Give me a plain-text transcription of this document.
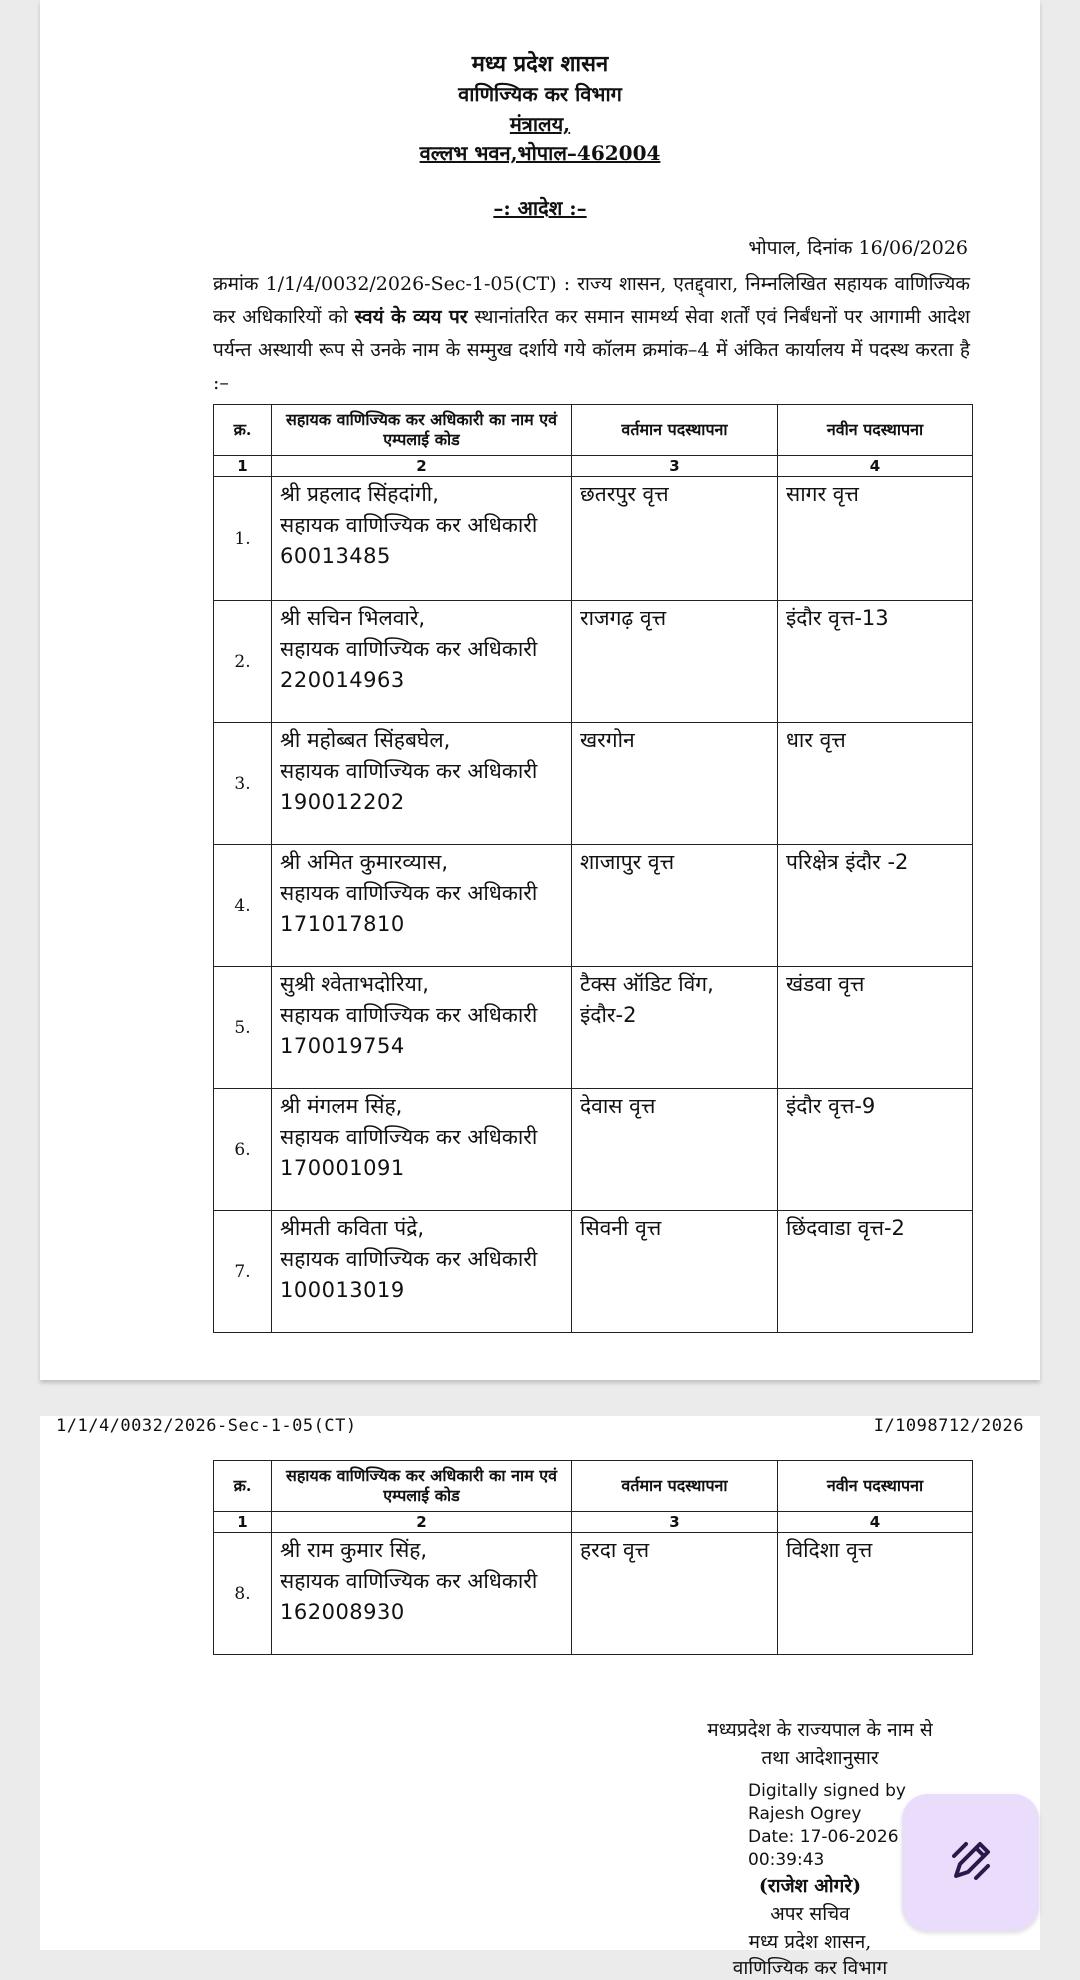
मध्य प्रदेश शासन
वाणिज्यिक कर विभाग
मंत्रालय,
वल्लभ भवन,भोपाल–462004
–: आदेश :–
भोपाल, दिनांक 16/06/2026
क्रमांक 1/1/4/0032/2026-Sec-1-05(CT) : राज्य शासन, एतद्द्वारा, निम्नलिखित सहायक वाणिज्यिक कर अधिकारियों को स्वयं के व्यय पर स्थानांतरित कर समान सामर्थ्य सेवा शर्तों एवं निर्बंधनों पर आगामी आदेश पर्यन्त अस्थायी रूप से उनके नाम के सम्मुख दर्शाये गये कॉलम क्रमांक–4 में अंकित कार्यालय में पदस्थ करता है :–
क्र.	सहायक वाणिज्यिक कर अधिकारी का नाम एवं एम्पलाई कोड	वर्तमान पदस्थापना	नवीन पदस्थापना
1	2	3	4
1.	श्री प्रहलाद सिंहदांगी,
सहायक वाणिज्यिक कर अधिकारी
60013485	छतरपुर वृत्त	सागर वृत्त
2.	श्री सचिन भिलवारे,
सहायक वाणिज्यिक कर अधिकारी
220014963	राजगढ़ वृत्त	इंदौर वृत्त-13
3.	श्री महोब्बत सिंहबघेल,
सहायक वाणिज्यिक कर अधिकारी
190012202	खरगोन	धार वृत्त
4.	श्री अमित कुमारव्यास,
सहायक वाणिज्यिक कर अधिकारी
171017810	शाजापुर वृत्त	परिक्षेत्र इंदौर -2
5.	सुश्री श्वेताभदोरिया,
सहायक वाणिज्यिक कर अधिकारी
170019754	टैक्स ऑडिट विंग, इंदौर-2	खंडवा वृत्त
6.	श्री मंगलम सिंह,
सहायक वाणिज्यिक कर अधिकारी
170001091	देवास वृत्त	इंदौर वृत्त-9
7.	श्रीमती कविता पंद्रे,
सहायक वाणिज्यिक कर अधिकारी
100013019	सिवनी वृत्त	छिंदवाडा वृत्त-2
1/1/4/0032/2026-Sec-1-05(CT)	I/1098712/2026
क्र.	सहायक वाणिज्यिक कर अधिकारी का नाम एवं एम्पलाई कोड	वर्तमान पदस्थापना	नवीन पदस्थापना
1	2	3	4
8.	श्री राम कुमार सिंह,
सहायक वाणिज्यिक कर अधिकारी
162008930	हरदा वृत्त	विदिशा वृत्त
मध्यप्रदेश के राज्यपाल के नाम से
तथा आदेशानुसार
Digitally signed by
Rajesh Ogrey
Date: 17-06-2026
00:39:43
(राजेश ओगरे)
अपर सचिव
मध्य प्रदेश शासन,
वाणिज्यिक कर विभाग
